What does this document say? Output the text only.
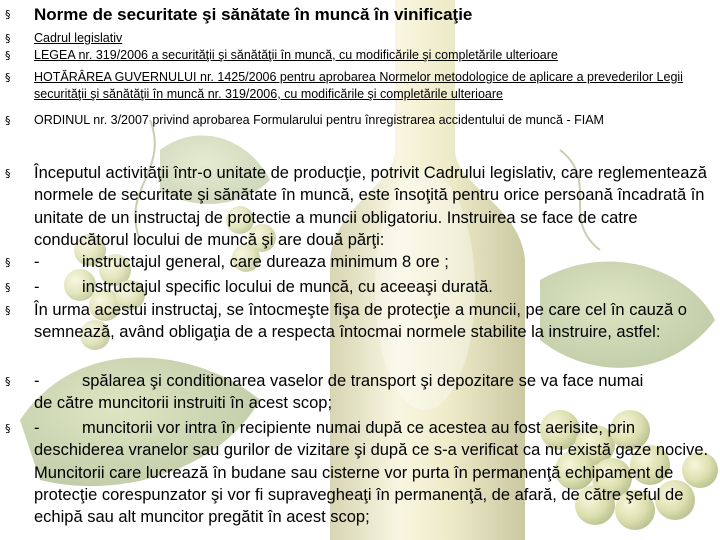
§ Norme de securitate şi sănătate în muncă în vinificaţie
§	Cadrul legislativ
§	LEGEA nr. 319/2006 a securităţii şi sănătăţii în muncă, cu modificările şi completările ulterioare
§	HOTĂRÂREA GUVERNULUI nr. 1425/2006 pentru aprobarea Normelor metodologice de aplicare a prevederilor Legii securităţii şi sănătăţii în muncă nr. 319/2006, cu modificările şi completările ulterioare
§	ORDINUL nr. 3/2007 privind aprobarea Formularului pentru înregistrarea accidentului de muncă - FIAM
§ Începutul activităţii într-o unitate de producţie, potrivit Cadrului legislativ, care reglementează normele de securitate şi sănătate în muncă, este însoţită pentru orice persoană încadrată în unitate de un instructaj de protectie a muncii obligatoriu. Instruirea se face de catre conducătorul locului de muncă şi are două părţi:
§ -	instructajul general, care dureaza minimum 8 ore ;
§ -	instructajul specific locului de muncă, cu aceeaşi durată.
§ În urma acestui instructaj, se întocmeşte fişa de protecţie a muncii, pe care cel în cauză o semnează, având obligaţia de a respecta întocmai normele stabilite la instruire, astfel:
§ -	spălarea şi conditionarea vaselor de transport şi depozitare se va face numai
de către muncitorii instruiti în acest scop;
§ -	muncitorii vor intra în recipiente numai după ce acestea au fost aerisite, prin
deschiderea vranelor sau gurilor de vizitare şi după ce s-a verificat ca nu există gaze nocive. Muncitorii care lucrează în budane sau cisterne vor purta în permanenţă echipament de protecţie corespunzator şi vor fi supravegheaţi în permanenţă, de afară, de către şeful de echipă sau alt muncitor pregătit în acest scop;
